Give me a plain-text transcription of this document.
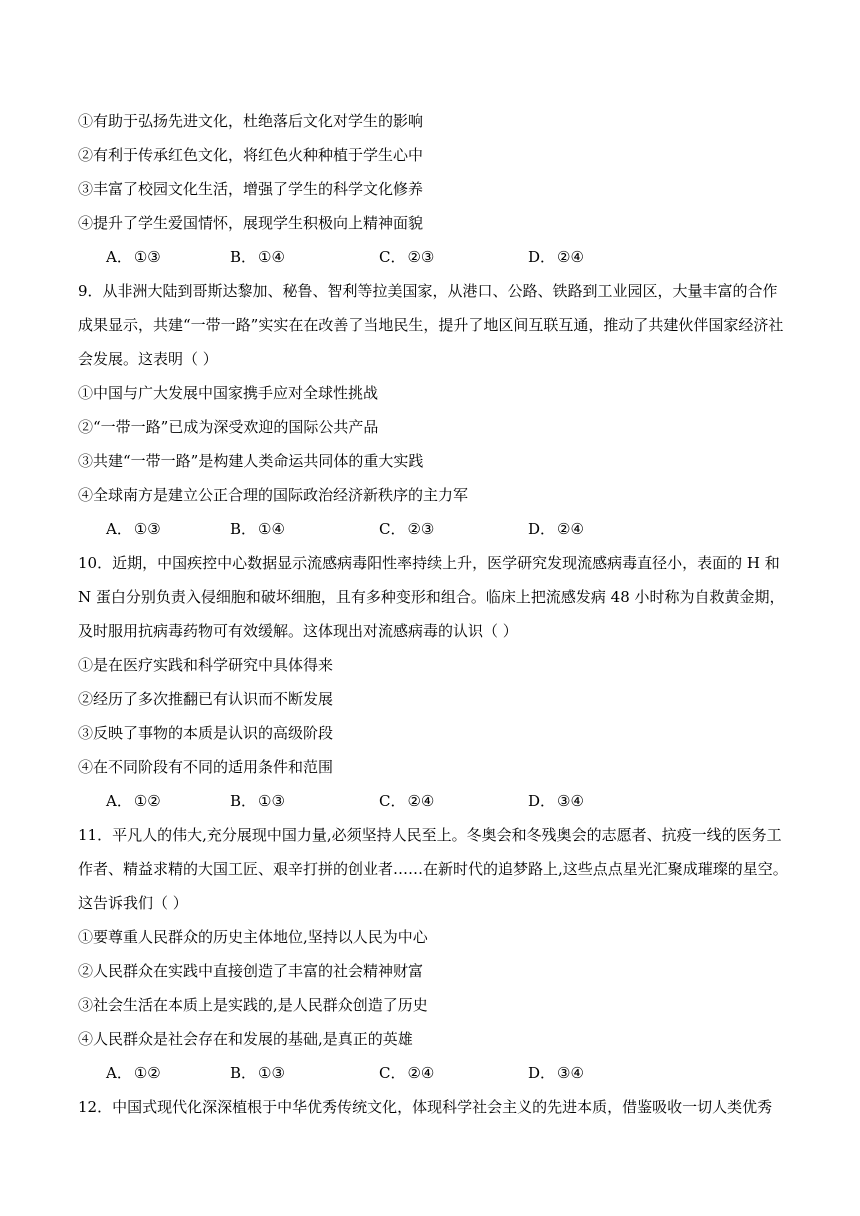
①有助于弘扬先进文化，杜绝落后文化对学生的影响
②有利于传承红色文化，将红色火种种植于学生心中
③丰富了校园文化生活，增强了学生的科学文化修养
④提升了学生爱国情怀，展现学生积极向上精神面貌
A． ①③	B． ①④	C． ②③	D． ②④
9．从非洲大陆到哥斯达黎加、秘鲁、智利等拉美国家，从港口、公路、铁路到工业园区，大量丰富的合作
成果显示，共建“一带一路”实实在在改善了当地民生，提升了地区间互联互通，推动了共建伙伴国家经济社
会发展。这表明（ ）
①中国与广大发展中国家携手应对全球性挑战
②“一带一路”已成为深受欢迎的国际公共产品
③共建“一带一路”是构建人类命运共同体的重大实践
④全球南方是建立公正合理的国际政治经济新秩序的主力军
A． ①③	B． ①④	C． ②③	D． ②④
10．近期，中国疾控中心数据显示流感病毒阳性率持续上升，医学研究发现流感病毒直径小，表面的 H 和
N 蛋白分别负责入侵细胞和破坏细胞，且有多种变形和组合。临床上把流感发病 48 小时称为自救黄金期，
及时服用抗病毒药物可有效缓解。这体现出对流感病毒的认识（ ）
①是在医疗实践和科学研究中具体得来
②经历了多次推翻已有认识而不断发展
③反映了事物的本质是认识的高级阶段
④在不同阶段有不同的适用条件和范围
A． ①②	B． ①③	C． ②④	D． ③④
11．平凡人的伟大,充分展现中国力量,必须坚持人民至上。冬奥会和冬残奥会的志愿者、抗疫一线的医务工
作者、精益求精的大国工匠、艰辛打拼的创业者……在新时代的追梦路上,这些点点星光汇聚成璀璨的星空。
这告诉我们（ ）
①要尊重人民群众的历史主体地位,坚持以人民为中心
②人民群众在实践中直接创造了丰富的社会精神财富
③社会生活在本质上是实践的,是人民群众创造了历史
④人民群众是社会存在和发展的基础,是真正的英雄
A． ①②	B． ①③	C． ②④	D． ③④
12．中国式现代化深深植根于中华优秀传统文化，体现科学社会主义的先进本质，借鉴吸收一切人类优秀
